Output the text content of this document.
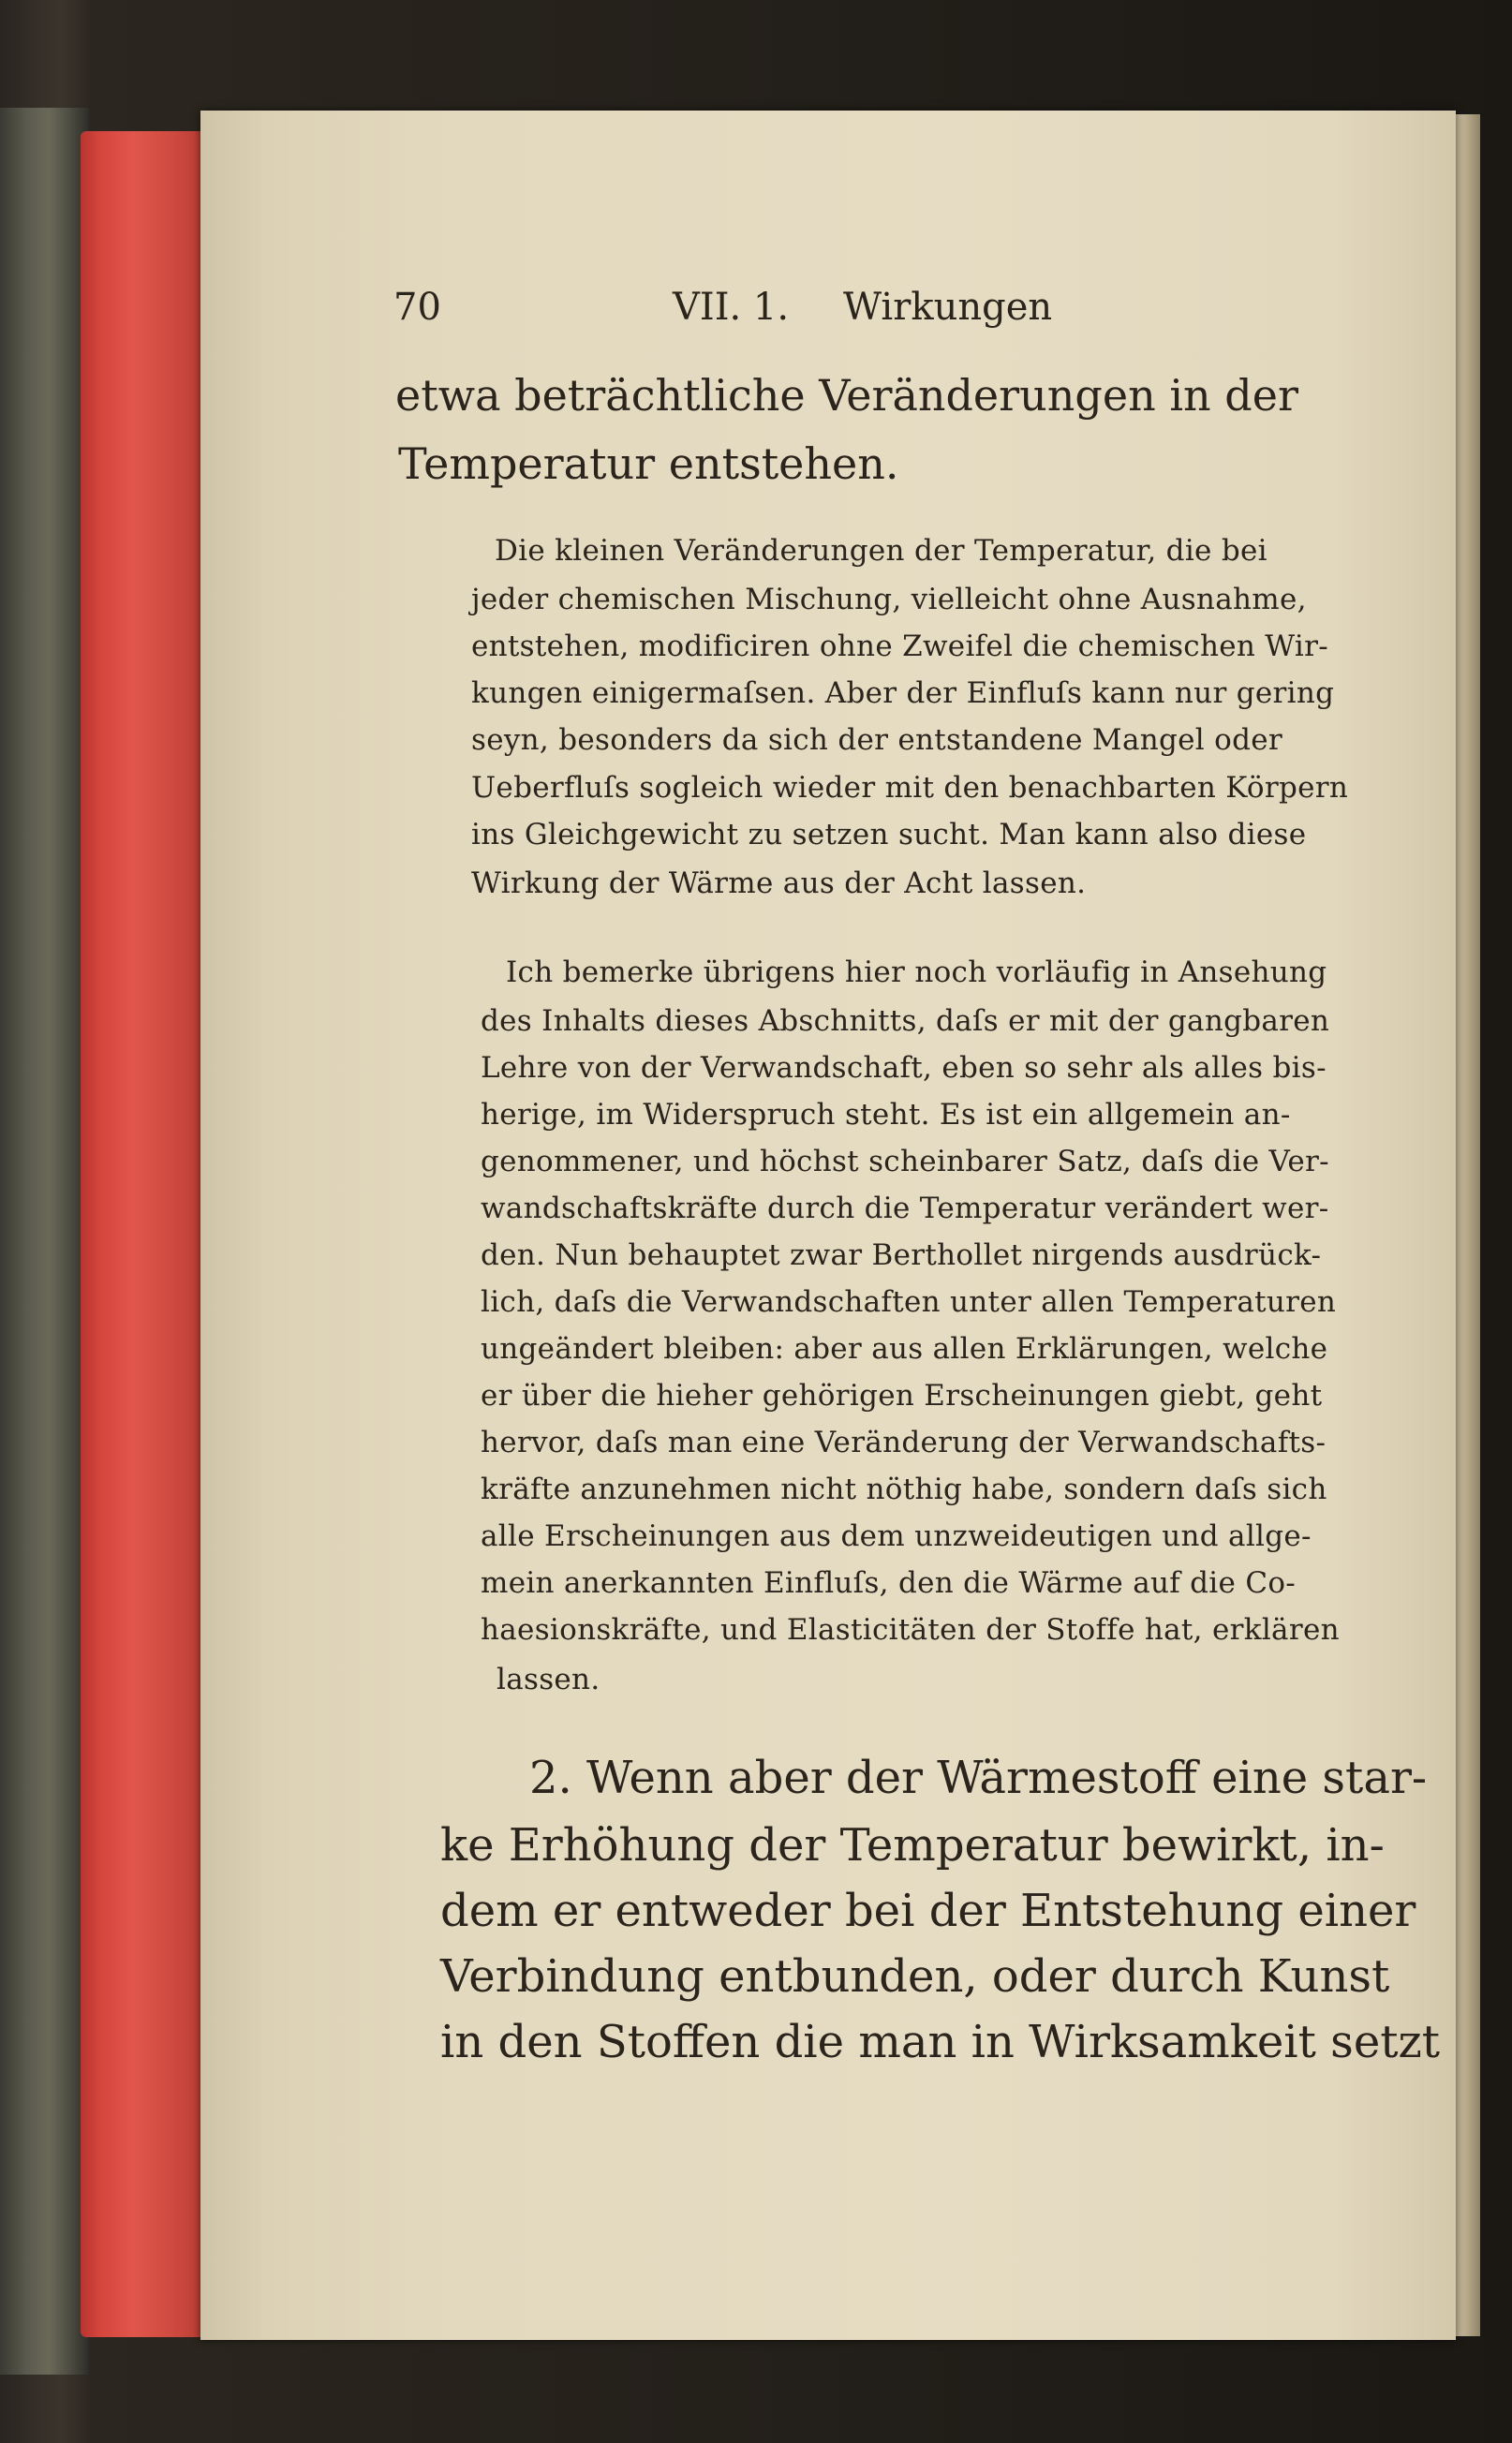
70	VII. 1. Wirkungen
etwa beträchtliche Veränderungen in der
Temperatur entstehen.
Die kleinen Veränderungen der Temperatur, die bei
jeder chemischen Mischung, vielleicht ohne Ausnahme,
entstehen, modificiren ohne Zweifel die chemischen Wir-
kungen einigermaſsen. Aber der Einfluſs kann nur gering
seyn, besonders da sich der entstandene Mangel oder
Ueberfluſs sogleich wieder mit den benachbarten Körpern
ins Gleichgewicht zu setzen sucht. Man kann also diese
Wirkung der Wärme aus der Acht lassen.
Ich bemerke übrigens hier noch vorläufig in Ansehung
des Inhalts dieses Abschnitts, daſs er mit der gangbaren
Lehre von der Verwandschaft, eben so sehr als alles bis-
herige, im Widerspruch steht. Es ist ein allgemein an-
genommener, und höchst scheinbarer Satz, daſs die Ver-
wandschaftskräfte durch die Temperatur verändert wer-
den. Nun behauptet zwar Berthollet nirgends ausdrück-
lich, daſs die Verwandschaften unter allen Temperaturen
ungeändert bleiben: aber aus allen Erklärungen, welche
er über die hieher gehörigen Erscheinungen giebt, geht
hervor, daſs man eine Veränderung der Verwandschafts-
kräfte anzunehmen nicht nöthig habe, sondern daſs sich
alle Erscheinungen aus dem unzweideutigen und allge-
mein anerkannten Einfluſs, den die Wärme auf die Co-
haesionskräfte, und Elasticitäten der Stoffe hat, erklären
lassen.
2. Wenn aber der Wärmestoff eine star-
ke Erhöhung der Temperatur bewirkt, in-
dem er entweder bei der Entstehung einer
Verbindung entbunden, oder durch Kunst
in den Stoffen die man in Wirksamkeit setzt
